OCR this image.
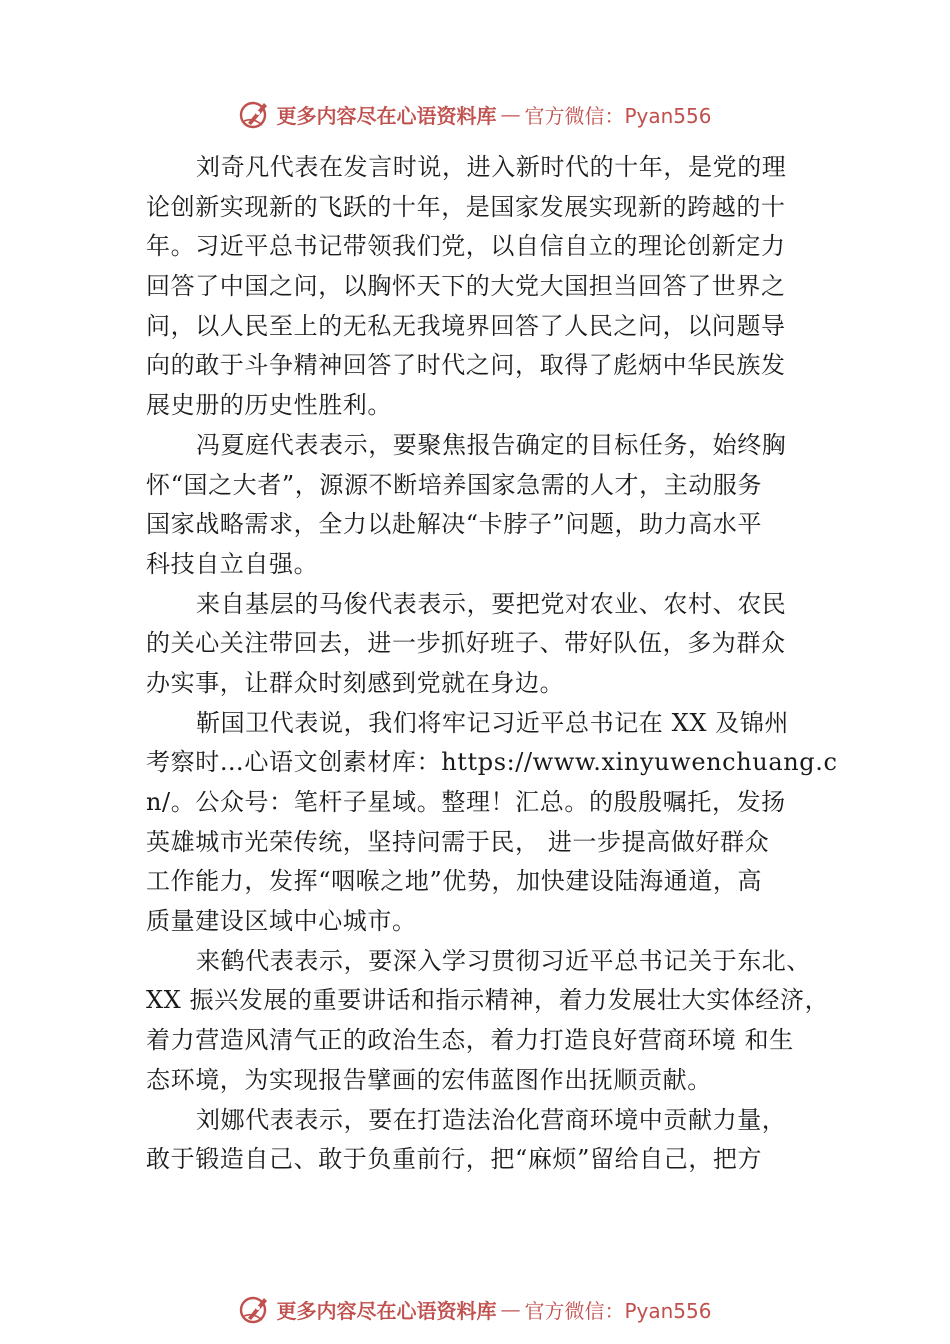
更多内容尽在心语资料库 — 官方微信：Pyan556
刘奇凡代表在发言时说，进入新时代的十年，是党的理
论创新实现新的飞跃的十年，是国家发展实现新的跨越的十
年。习近平总书记带领我们党，以自信自立的理论创新定力
回答了中国之问，以胸怀天下的大党大国担当回答了世界之
问，以人民至上的无私无我境界回答了人民之问，以问题导
向的敢于斗争精神回答了时代之问，取得了彪炳中华民族发
展史册的历史性胜利。
冯夏庭代表表示，要聚焦报告确定的目标任务，始终胸
怀“国之大者”，源源不断培养国家急需的人才，主动服务
国家战略需求，全力以赴解决“卡脖子”问题，助力高水平
科技自立自强。
来自基层的马俊代表表示，要把党对农业、农村、农民
的关心关注带回去，进一步抓好班子、带好队伍，多为群众
办实事，让群众时刻感到党就在身边。
靳国卫代表说，我们将牢记习近平总书记在 XX 及锦州
考察时…心语文创素材库：https://www.xinyuwenchuang.c
n/。公众号：笔杆子星域。整理！汇总。的殷殷嘱托，发扬
英雄城市光荣传统，坚持问需于民， 进一步提高做好群众
工作能力，发挥“咽喉之地”优势，加快建设陆海通道，高
质量建设区域中心城市。
来鹤代表表示，要深入学习贯彻习近平总书记关于东北、
XX 振兴发展的重要讲话和指示精神，着力发展壮大实体经济，
着力营造风清气正的政治生态，着力打造良好营商环境 和生
态环境，为实现报告擘画的宏伟蓝图作出抚顺贡献。
刘娜代表表示，要在打造法治化营商环境中贡献力量，
敢于锻造自己、敢于负重前行，把“麻烦”留给自己，把方
更多内容尽在心语资料库 — 官方微信：Pyan556
